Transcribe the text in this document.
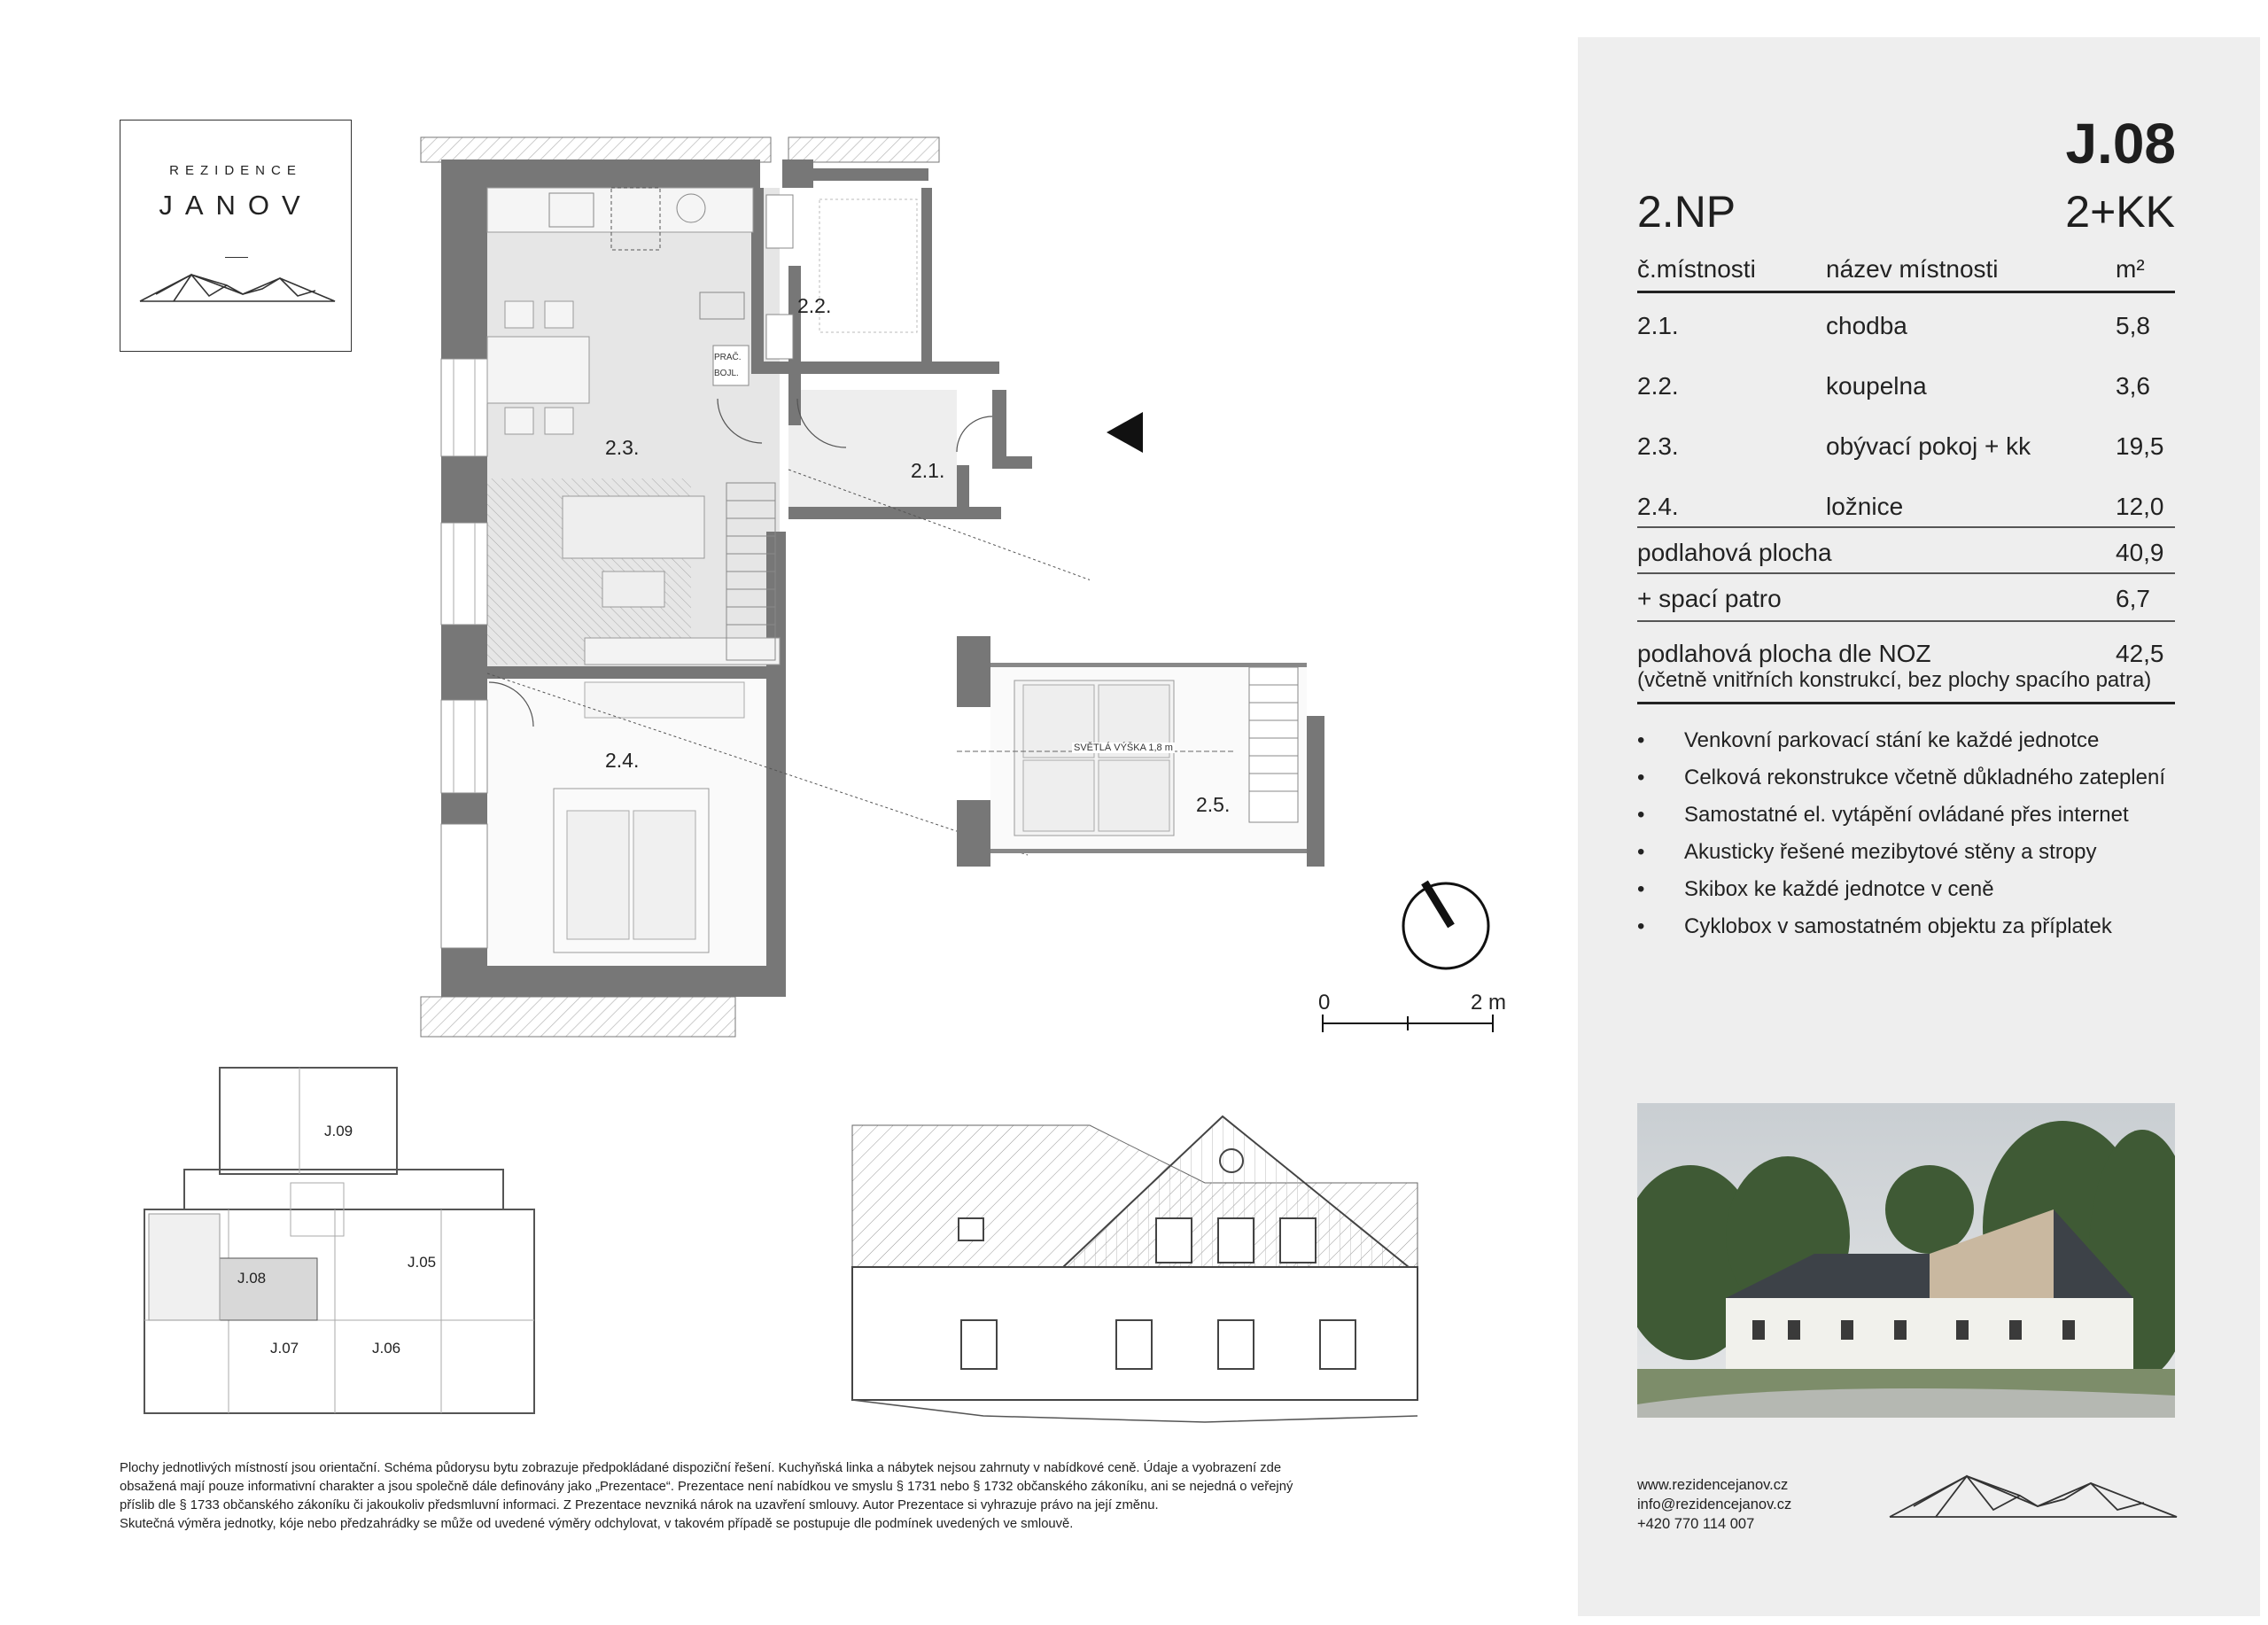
REZIDENCE
JANOV
2.3.
2.1.
2.2.
2.4.
2.5.
PRAČ.
BOJL.
SVĚTLÁ VÝŠKA 1,8 m
0	2 m
J.09
J.08
J.05
J.07	J.06
J.08
2.NP	2+KK
č.místnosti	název místnosti	m²
2.1.	chodba	5,8
2.2.	koupelna	3,6
2.3.	obývací pokoj + kk	19,5
2.4.	ložnice	12,0
podlahová plocha	40,9
+ spací patro	6,7
podlahová plocha dle NOZ	42,5
(včetně vnitřních konstrukcí, bez plochy spacího patra)
• Venkovní parkovací stání ke každé jednotce
• Celková rekonstrukce včetně důkladného zateplení
• Samostatné el. vytápění ovládané přes internet
• Akusticky řešené mezibytové stěny a stropy
• Skibox ke každé jednotce v ceně
• Cyklobox v samostatném objektu za příplatek
www.rezidencejanov.cz
info@rezidencejanov.cz
+420 770 114 007
Plochy jednotlivých místností jsou orientační. Schéma půdorysu bytu zobrazuje předpokládané dispoziční řešení. Kuchyňská linka a nábytek nejsou zahrnuty v nabídkové ceně. Údaje a vyobrazení zde
obsažená mají pouze informativní charakter a jsou společně dále definovány jako „Prezentace“. Prezentace není nabídkou ve smyslu § 1731 nebo § 1732 občanského zákoníku, ani se nejedná o veřejný
příslib dle § 1733 občanského zákoníku či jakoukoliv předsmluvní informaci. Z Prezentace nevzniká nárok na uzavření smlouvy. Autor Prezentace si vyhrazuje právo na její změnu.
Skutečná výměra jednotky, kóje nebo předzahrádky se může od uvedené výměry odchylovat, v takovém případě se postupuje dle podmínek uvedených ve smlouvě.
